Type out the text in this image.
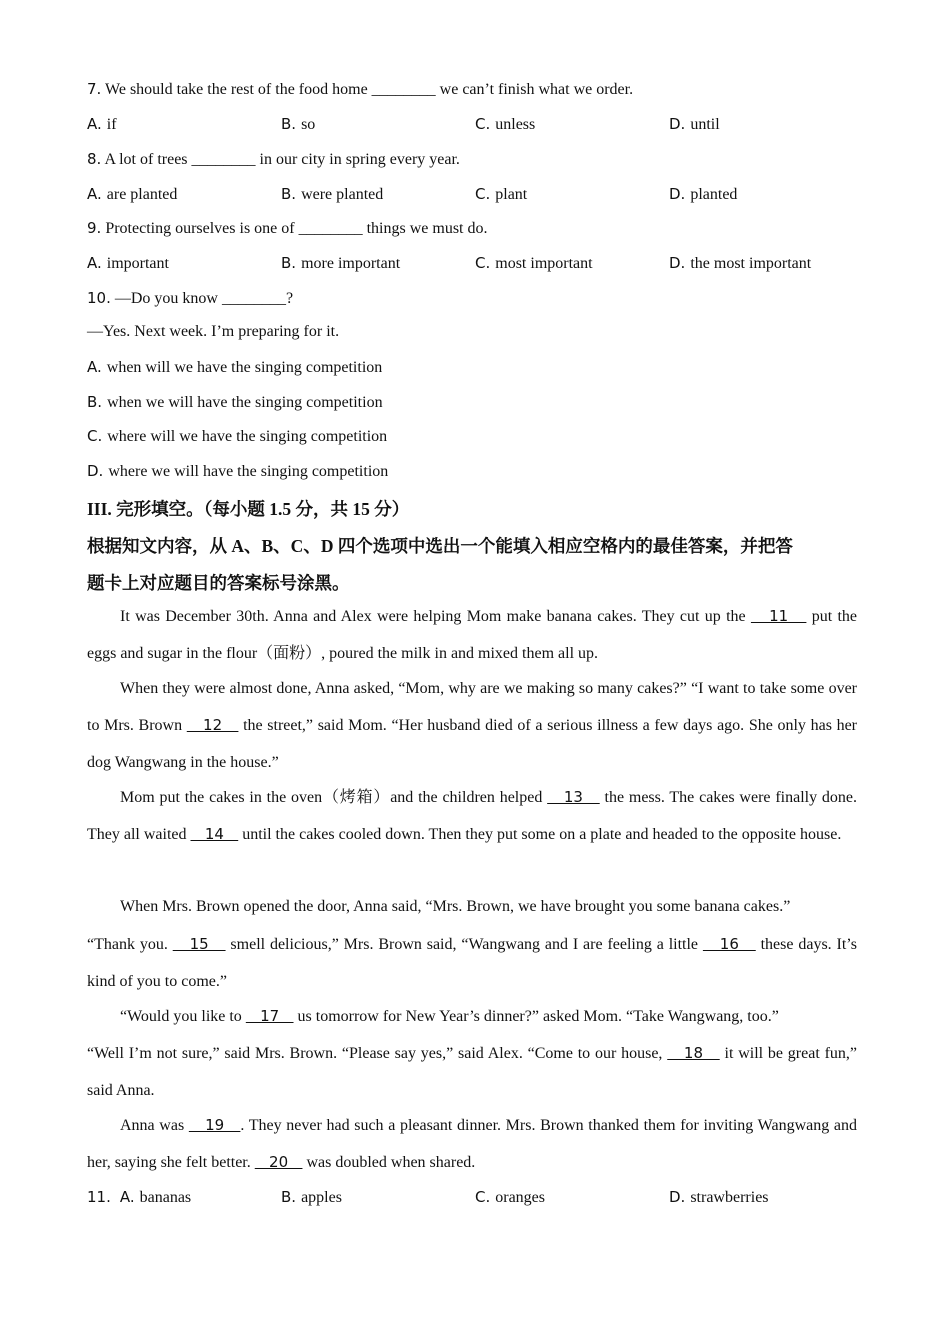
7. We should take the rest of the food home ________ we can’t finish what we order.
A. if	B. so	C. unless	D. until
8. A lot of trees ________ in our city in spring every year.
A. are planted	B. were planted	C. plant	D. planted
9. Protecting ourselves is one of ________ things we must do.
A. important	B. more important	C. most important	D. the most important
10. —Do you know ________?
—Yes. Next week. I’m preparing for it.
A. when will we have the singing competition
B. when we will have the singing competition
C. where will we have the singing competition
D. where we will have the singing competition
III. 完形填空。（每小题 1.5 分，共 15 分）
根据知文内容，从 A、B、C、D 四个选项中选出一个能填入相应空格内的最佳答案，并把答
题卡上对应题目的答案标号涂黑。
It was December 30th. Anna and Alex were helping Mom make banana cakes. They cut up the    11    put the eggs and sugar in the flour（面粉）, poured the milk in and mixed them all up.
When they were almost done, Anna asked, “Mom, why are we making so many cakes?” “I want to take some over to Mrs. Brown    12    the street,” said Mom. “Her husband died of a serious illness a few days ago. She only has her dog Wangwang in the house.”
Mom put the cakes in the oven（烤箱）and the children helped    13    the mess. The cakes were finally done. They all waited    14    until the cakes cooled down. Then they put some on a plate and headed to the opposite house.
When Mrs. Brown opened the door, Anna said, “Mrs. Brown, we have brought you some banana cakes.”
“Thank you.    15    smell delicious,” Mrs. Brown said, “Wangwang and I are feeling a little    16    these days. It’s kind of you to come.”
“Would you like to    17    us tomorrow for New Year’s dinner?” asked Mom. “Take Wangwang, too.”
“Well I’m not sure,” said Mrs. Brown. “Please say yes,” said Alex. “Come to our house,    18    it will be great fun,” said Anna.
Anna was    19   . They never had such a pleasant dinner. Mrs. Brown thanked them for inviting Wangwang and her, saying she felt better.    20    was doubled when shared.
11. A. bananas	B. apples	C. oranges	D. strawberries
